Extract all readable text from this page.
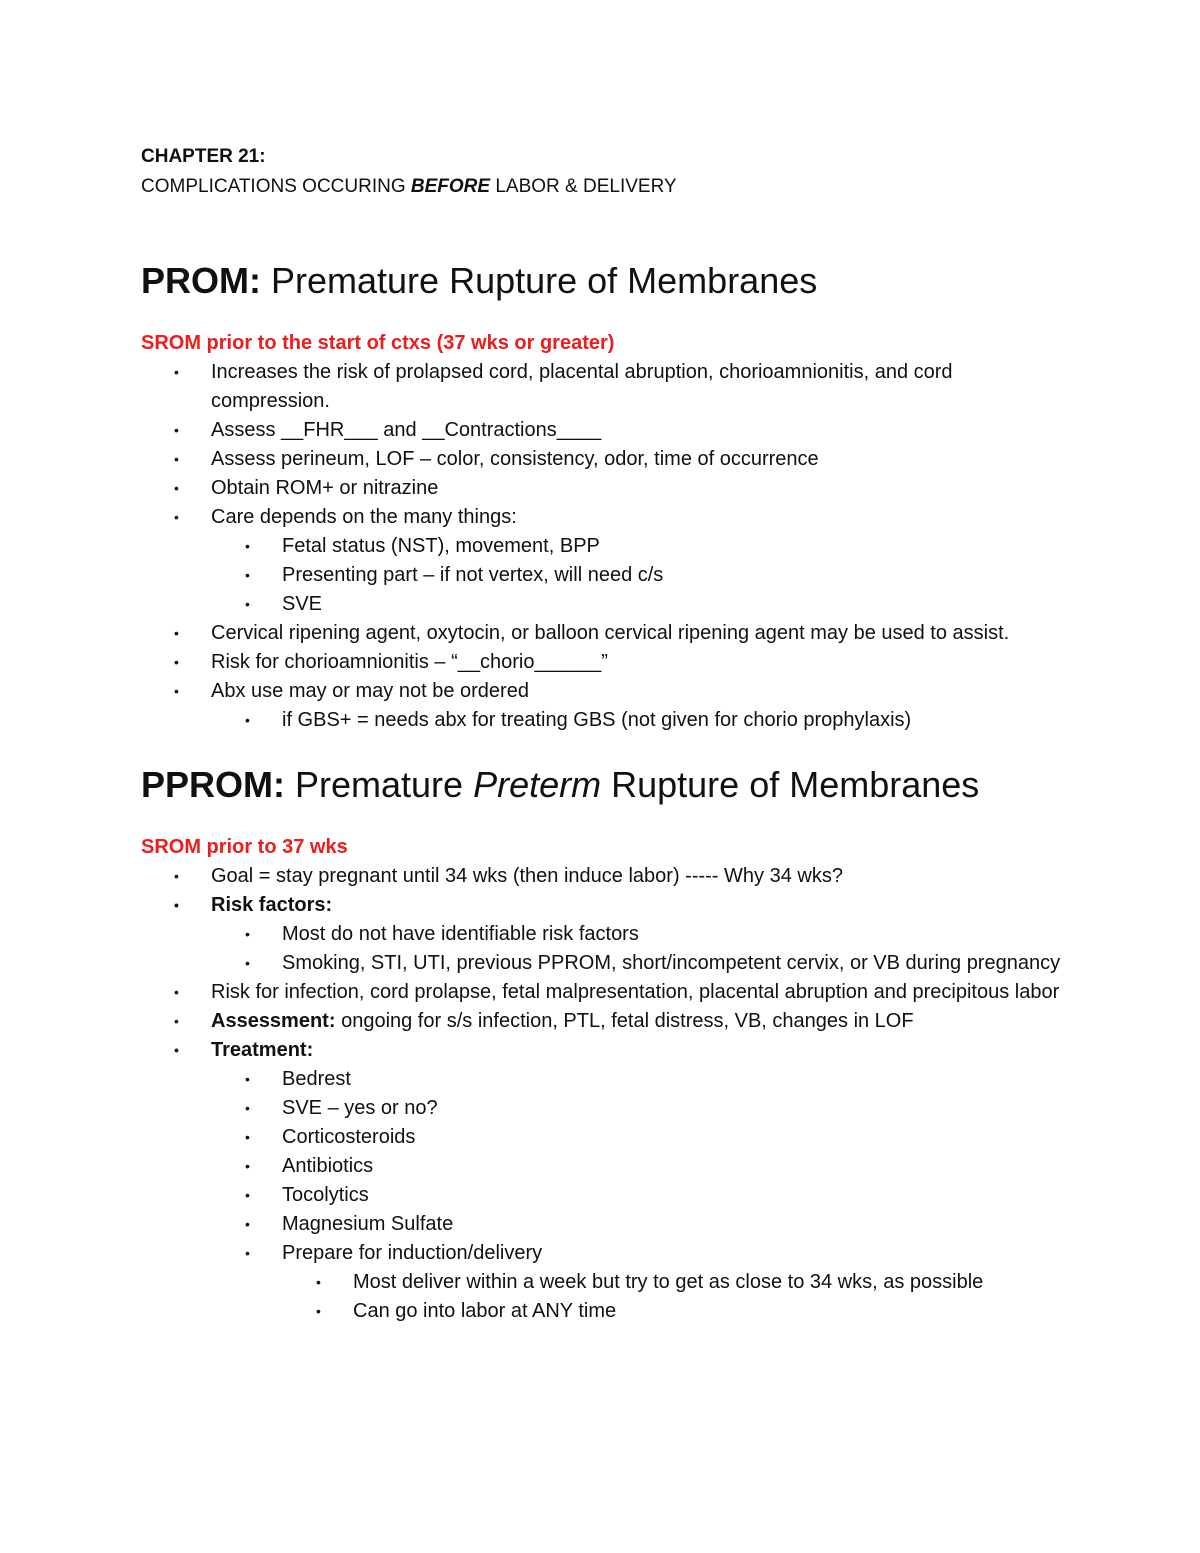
CHAPTER 21:
COMPLICATIONS OCCURING BEFORE LABOR & DELIVERY
PROM: Premature Rupture of Membranes
SROM prior to the start of ctxs (37 wks or greater)
• Increases the risk of prolapsed cord, placental abruption, chorioamnionitis, and cord compression.
• Assess __FHR___ and __Contractions____
• Assess perineum, LOF – color, consistency, odor, time of occurrence
• Obtain ROM+ or nitrazine
• Care depends on the many things:
• Fetal status (NST), movement, BPP
• Presenting part – if not vertex, will need c/s
• SVE
• Cervical ripening agent, oxytocin, or balloon cervical ripening agent may be used to assist.
• Risk for chorioamnionitis – “__chorio______”
• Abx use may or may not be ordered
• if GBS+ = needs abx for treating GBS (not given for chorio prophylaxis)
PPROM: Premature Preterm Rupture of Membranes
SROM prior to 37 wks
• Goal = stay pregnant until 34 wks (then induce labor) ----- Why 34 wks?
• Risk factors:
• Most do not have identifiable risk factors
• Smoking, STI, UTI, previous PPROM, short/incompetent cervix, or VB during pregnancy
• Risk for infection, cord prolapse, fetal malpresentation, placental abruption and precipitous labor
• Assessment: ongoing for s/s infection, PTL, fetal distress, VB, changes in LOF
• Treatment:
• Bedrest
• SVE – yes or no?
• Corticosteroids
• Antibiotics
• Tocolytics
• Magnesium Sulfate
• Prepare for induction/delivery
• Most deliver within a week but try to get as close to 34 wks, as possible
• Can go into labor at ANY time
